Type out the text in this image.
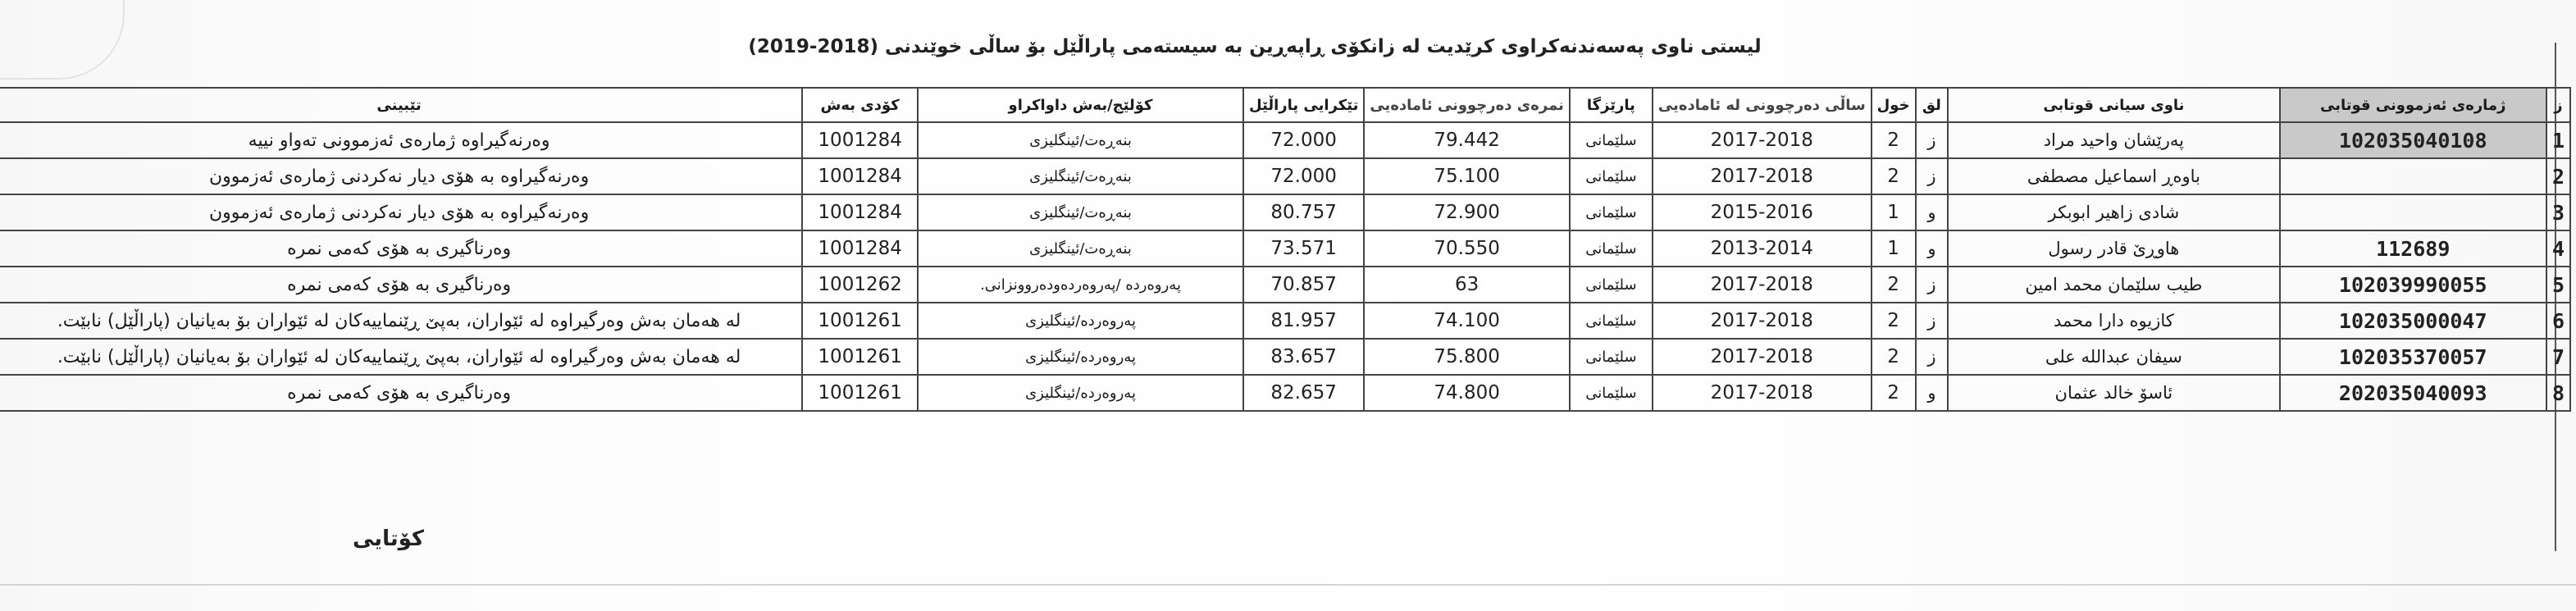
لیستی ناوی پەسەندنەکراوی کرێدیت لە زانکۆی ڕاپەڕین بە سیستەمی پاراڵێل بۆ ساڵی خوێندنی (2018-2019)
ز	ژمارەی ئەزموونی قوتابی	ناوی سیانی قوتابی	لق	خول	ساڵی دەرچوونی لە ئامادەیی	پارێزگا	نمرەی دەرچوونی ئامادەیی	تێکرایی پاراڵێل	کۆلێج/بەش داواکراو	کۆدی بەش	تێبینی
1	102035040108	پەرێشان واحید مراد	ز	2	2017-2018	سلێمانی	79.442	72.000	بنەڕەت/ئینگلیزی	1001284	وەرنەگیراوە ژمارەی ئەزموونی تەواو نییە
2		باوەڕ اسماعیل مصطفی	ز	2	2017-2018	سلێمانی	75.100	72.000	بنەڕەت/ئینگلیزی	1001284	وەرنەگیراوە بە هۆی دیار نەکردنی ژمارەی ئەزموون
3		شادی زاهیر ابوبکر	و	1	2015-2016	سلێمانی	72.900	80.757	بنەڕەت/ئینگلیزی	1001284	وەرنەگیراوە بە هۆی دیار نەکردنی ژمارەی ئەزموون
4	112689	هاوڕێ قادر رسول	و	1	2013-2014	سلێمانی	70.550	73.571	بنەڕەت/ئینگلیزی	1001284	وەرناگیری بە هۆی کەمی نمرە
5	102039990055	طیب سلێمان محمد امین	ز	2	2017-2018	سلێمانی	63	70.857	پەروەردە /پەروەردەودەروونزانی.	1001262	وەرناگیری بە هۆی کەمی نمرە
6	102035000047	کازیوە دارا محمد	ز	2	2017-2018	سلێمانی	74.100	81.957	پەروەردە/ئینگلیزی	1001261	لە هەمان بەش وەرگیراوە لە ئێواران، بەپێ ڕێنماییەکان لە ئێواران بۆ بەیانیان (پاراڵێل) نابێت.
7	102035370057	سیفان عبدالله علی	ز	2	2017-2018	سلێمانی	75.800	83.657	پەروەردە/ئینگلیزی	1001261	لە هەمان بەش وەرگیراوە لە ئێواران، بەپێ ڕێنماییەکان لە ئێواران بۆ بەیانیان (پاراڵێل) نابێت.
8	202035040093	ئاسۆ خالد عثمان	و	2	2017-2018	سلێمانی	74.800	82.657	پەروەردە/ئینگلیزی	1001261	وەرناگیری بە هۆی کەمی نمرە
کۆتایی
